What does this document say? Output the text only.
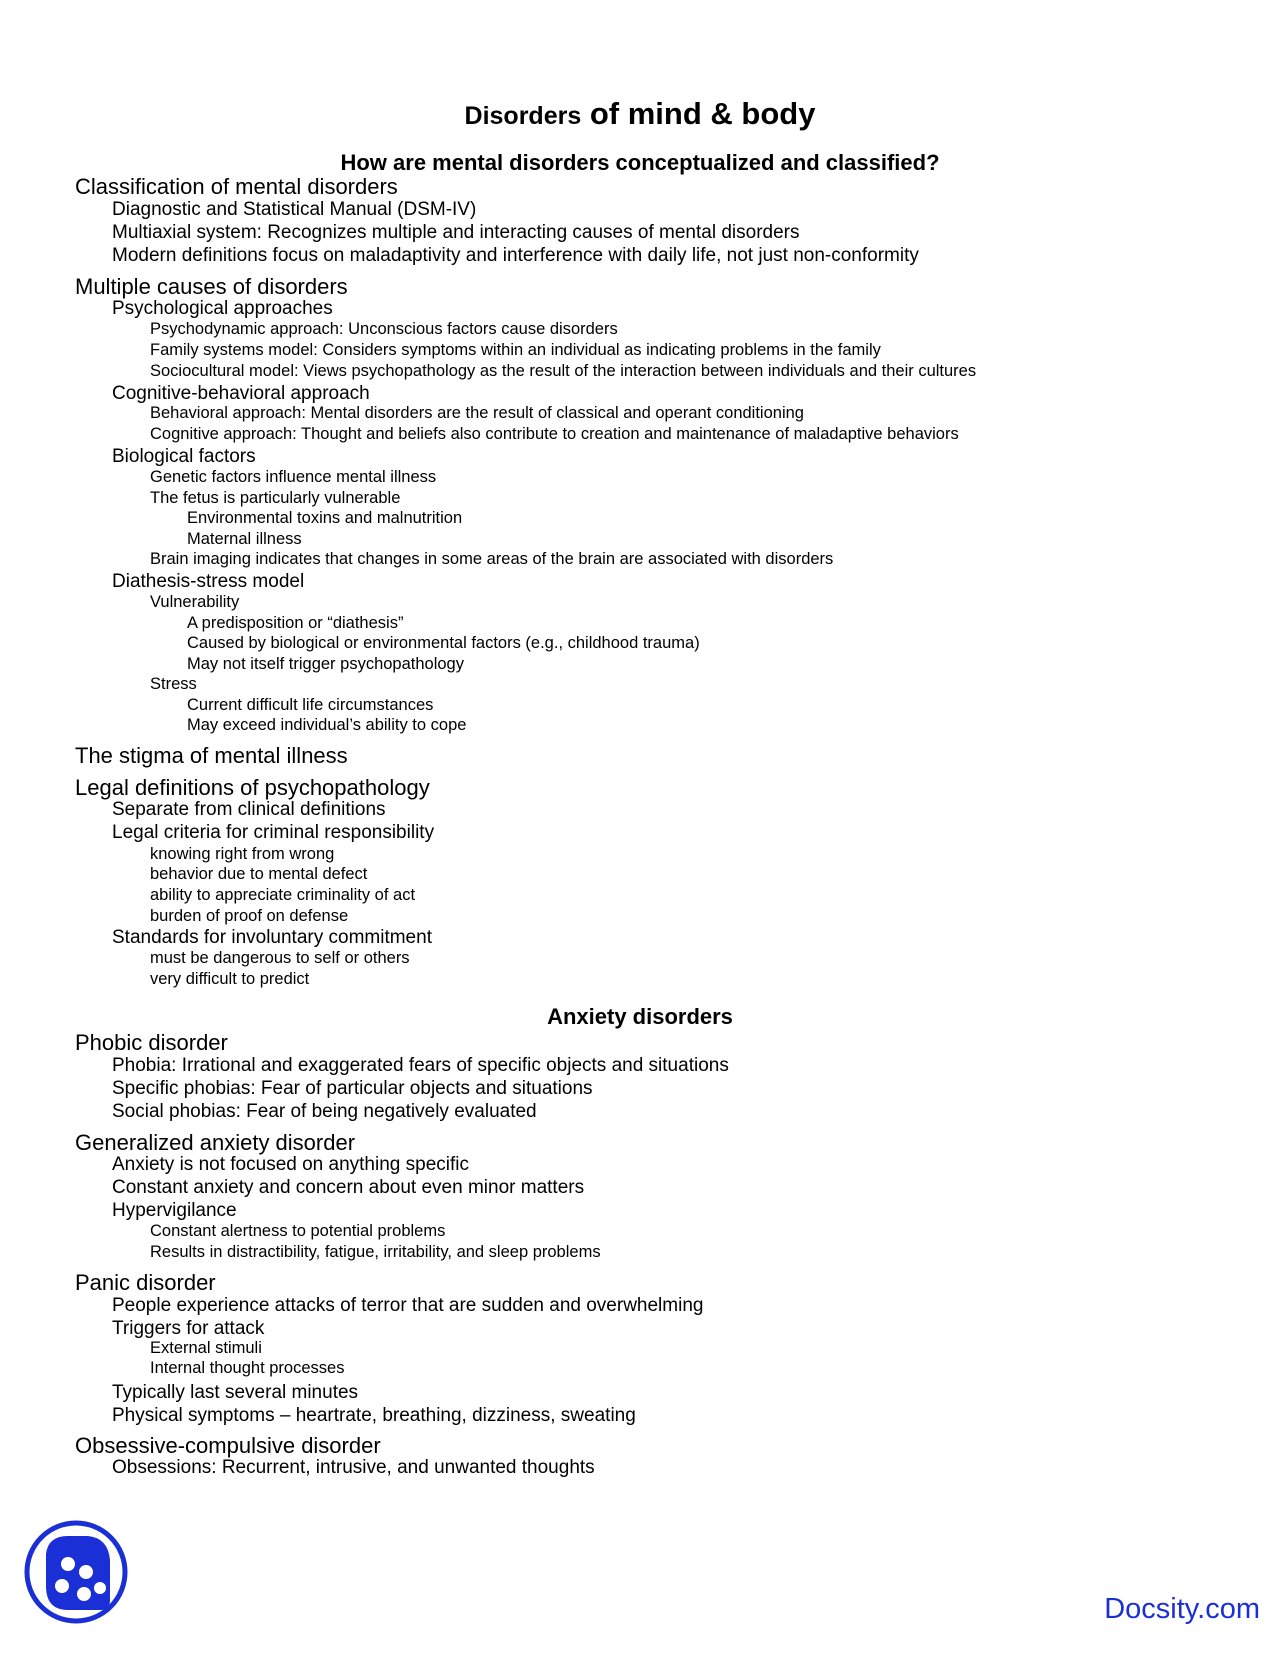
Disorders of mind & body
How are mental disorders conceptualized and classified?
Classification of mental disorders
Diagnostic and Statistical Manual (DSM-IV)
Multiaxial system: Recognizes multiple and interacting causes of mental disorders
Modern definitions focus on maladaptivity and interference with daily life, not just non-conformity
Multiple causes of disorders
Psychological approaches
Psychodynamic approach: Unconscious factors cause disorders
Family systems model: Considers symptoms within an individual as indicating problems in the family
Sociocultural model: Views psychopathology as the result of the interaction between individuals and their cultures
Cognitive-behavioral approach
Behavioral approach: Mental disorders are the result of classical and operant conditioning
Cognitive approach: Thought and beliefs also contribute to creation and maintenance of maladaptive behaviors
Biological factors
Genetic factors influence mental illness
The fetus is particularly vulnerable
Environmental toxins and malnutrition
Maternal illness
Brain imaging indicates that changes in some areas of the brain are associated with disorders
Diathesis-stress model
Vulnerability
A predisposition or “diathesis”
Caused by biological or environmental factors (e.g., childhood trauma)
May not itself trigger psychopathology
Stress
Current difficult life circumstances
May exceed individual’s ability to cope
The stigma of mental illness
Legal definitions of psychopathology
Separate from clinical definitions
Legal criteria for criminal responsibility
knowing right from wrong
behavior due to mental defect
ability to appreciate criminality of act
burden of proof on defense
Standards for involuntary commitment
must be dangerous to self or others
very difficult to predict
Anxiety disorders
Phobic disorder
Phobia: Irrational and exaggerated fears of specific objects and situations
Specific phobias: Fear of particular objects and situations
Social phobias: Fear of being negatively evaluated
Generalized anxiety disorder
Anxiety is not focused on anything specific
Constant anxiety and concern about even minor matters
Hypervigilance
Constant alertness to potential problems
Results in distractibility, fatigue, irritability, and sleep problems
Panic disorder
People experience attacks of terror that are sudden and overwhelming
Triggers for attack
External stimuli
Internal thought processes
Typically last several minutes
Physical symptoms – heartrate, breathing, dizziness, sweating
Obsessive-compulsive disorder
Obsessions: Recurrent, intrusive, and unwanted thoughts
Docsity.com
